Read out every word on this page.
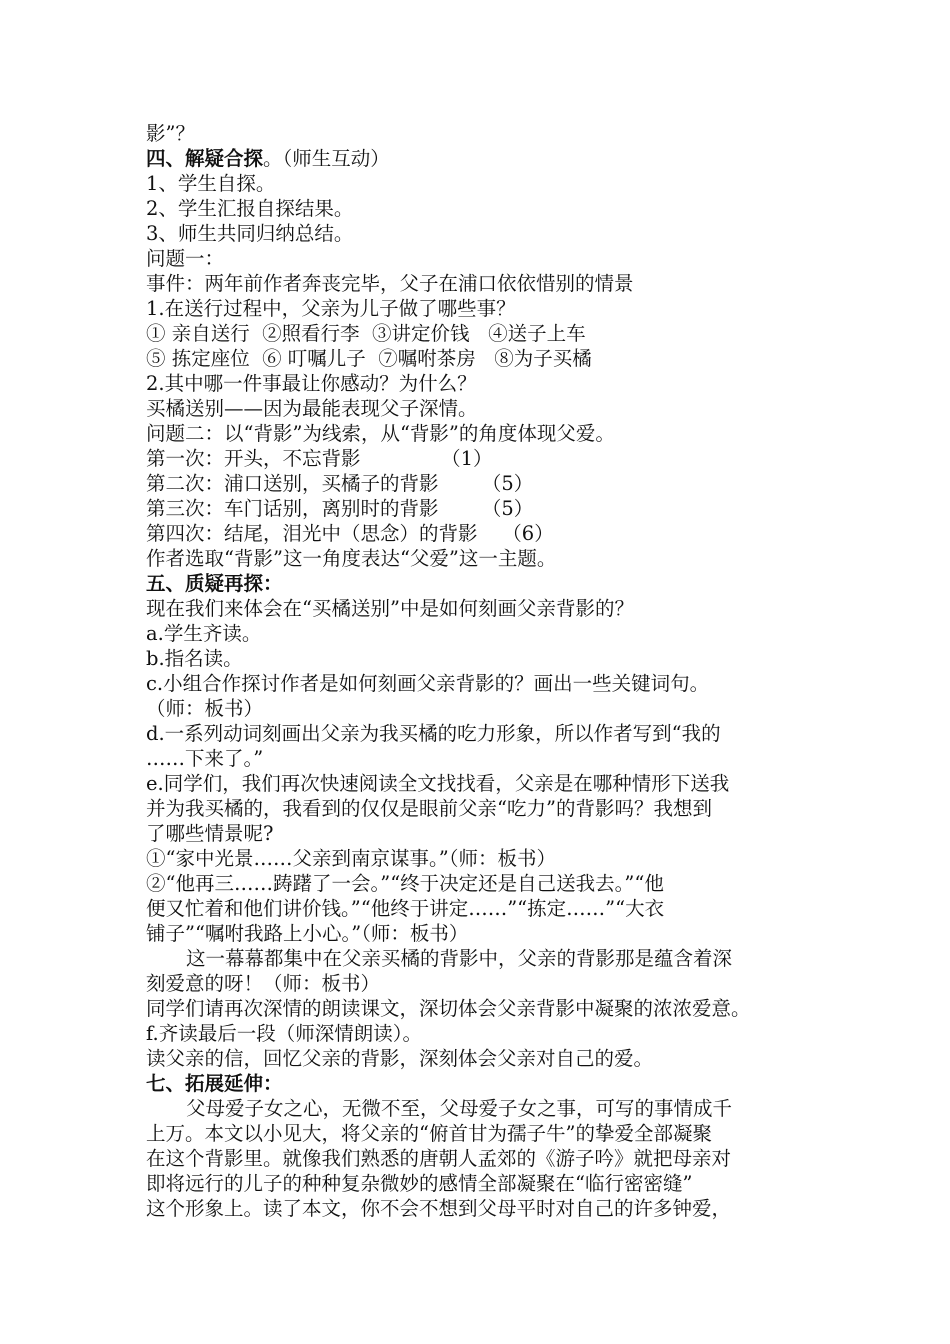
影”？
四、解疑合探。（师生互动）
1、学生自探。
2、学生汇报自探结果。
3、师生共同归纳总结。
问题一：
事件：两年前作者奔丧完毕，父子在浦口依依惜别的情景
1.在送行过程中，父亲为儿子做了哪些事？
① 亲自送行  ②照看行李  ③讲定价钱   ④送子上车
⑤ 拣定座位  ⑥ 叮嘱儿子  ⑦嘱咐茶房   ⑧为子买橘
2.其中哪一件事最让你感动？为什么？
买橘送别——因为最能表现父子深情。
问题二：以“背影”为线索，从“背影”的角度体现父爱。
第一次：开头，不忘背影             （1）
第二次：浦口送别，买橘子的背影       （5）
第三次：车门话别，离别时的背影       （5）
第四次：结尾，泪光中（思念）的背影    （6）
作者选取“背影”这一角度表达“父爱”这一主题。
五、质疑再探：
现在我们来体会在“买橘送别”中是如何刻画父亲背影的？
a.学生齐读。
b.指名读。
c.小组合作探讨作者是如何刻画父亲背影的？画出一些关键词句。
（师：板书）
d.一系列动词刻画出父亲为我买橘的吃力形象，所以作者写到“我的
……下来了。”
e.同学们，我们再次快速阅读全文找找看，父亲是在哪种情形下送我
并为我买橘的，我看到的仅仅是眼前父亲“吃力”的背影吗？我想到
了哪些情景呢?
①“家中光景……父亲到南京谋事。”（师：板书）
②“他再三……踌躇了一会。”“终于决定还是自己送我去。”“他
便又忙着和他们讲价钱。”“他终于讲定……”“拣定……”“大衣
铺子”“嘱咐我路上小心。”（师：板书）
这一幕幕都集中在父亲买橘的背影中，父亲的背影那是蕴含着深
刻爱意的呀！（师：板书）
同学们请再次深情的朗读课文，深切体会父亲背影中凝聚的浓浓爱意。
f.齐读最后一段（师深情朗读）。
读父亲的信，回忆父亲的背影，深刻体会父亲对自己的爱。
七、拓展延伸：
父母爱子女之心，无微不至，父母爱子女之事，可写的事情成千
上万。本文以小见大，将父亲的“俯首甘为孺子牛”的挚爱全部凝聚
在这个背影里。就像我们熟悉的唐朝人孟郊的《游子吟》就把母亲对
即将远行的儿子的种种复杂微妙的感情全部凝聚在“临行密密缝”
这个形象上。读了本文，你不会不想到父母平时对自己的许多钟爱，
